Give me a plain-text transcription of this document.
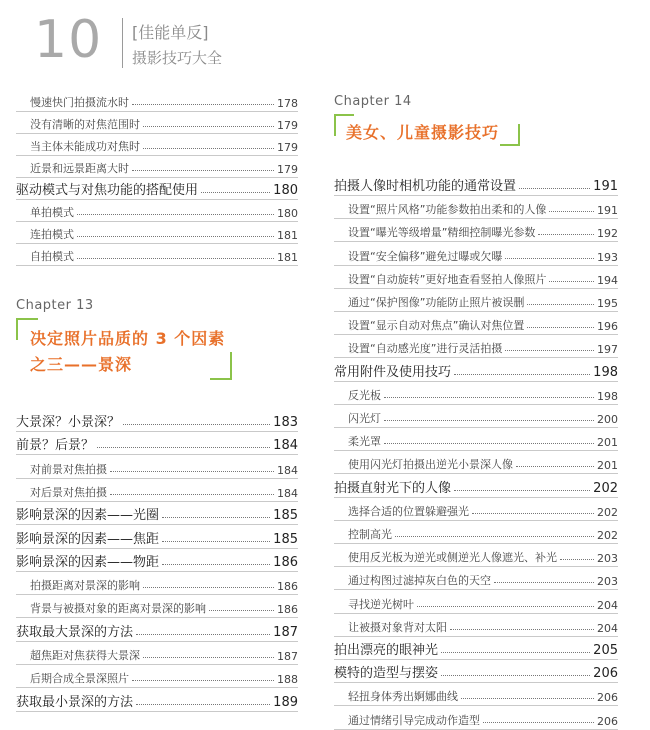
10 [佳能单反]
摄影技巧大全
慢速快门拍摄流水时	178
没有清晰的对焦范围时	179
当主体未能成功对焦时	179
近景和远景距离大时	179
驱动模式与对焦功能的搭配使用	180
单拍模式	180
连拍模式	181
自拍模式	181
Chapter 13
决定照片品质的 3 个因素
之三——景深
大景深？小景深？	183
前景？后景？	184
对前景对焦拍摄	184
对后景对焦拍摄	184
影响景深的因素——光圈	185
影响景深的因素——焦距	185
影响景深的因素——物距	186
拍摄距离对景深的影响	186
背景与被摄对象的距离对景深的影响	186
获取最大景深的方法	187
超焦距对焦获得大景深	187
后期合成全景深照片	188
获取最小景深的方法	189
Chapter 14
美女、儿童摄影技巧
拍摄人像时相机功能的通常设置	191
设置“照片风格”功能参数拍出柔和的人像	191
设置“曝光等级增量”精细控制曝光参数	192
设置“安全偏移”避免过曝或欠曝	193
设置“自动旋转”更好地查看竖拍人像照片	194
通过“保护图像”功能防止照片被误删	195
设置“显示自动对焦点”确认对焦位置	196
设置“自动感光度”进行灵活拍摄	197
常用附件及使用技巧	198
反光板	198
闪光灯	200
柔光罩	201
使用闪光灯拍摄出逆光小景深人像	201
拍摄直射光下的人像	202
选择合适的位置躲避强光	202
控制高光	202
使用反光板为逆光或侧逆光人像遮光、补光	203
通过构图过滤掉灰白色的天空	203
寻找逆光树叶	204
让被摄对象背对太阳	204
拍出漂亮的眼神光	205
模特的造型与摆姿	206
轻扭身体秀出婀娜曲线	206
通过情绪引导完成动作造型	206
